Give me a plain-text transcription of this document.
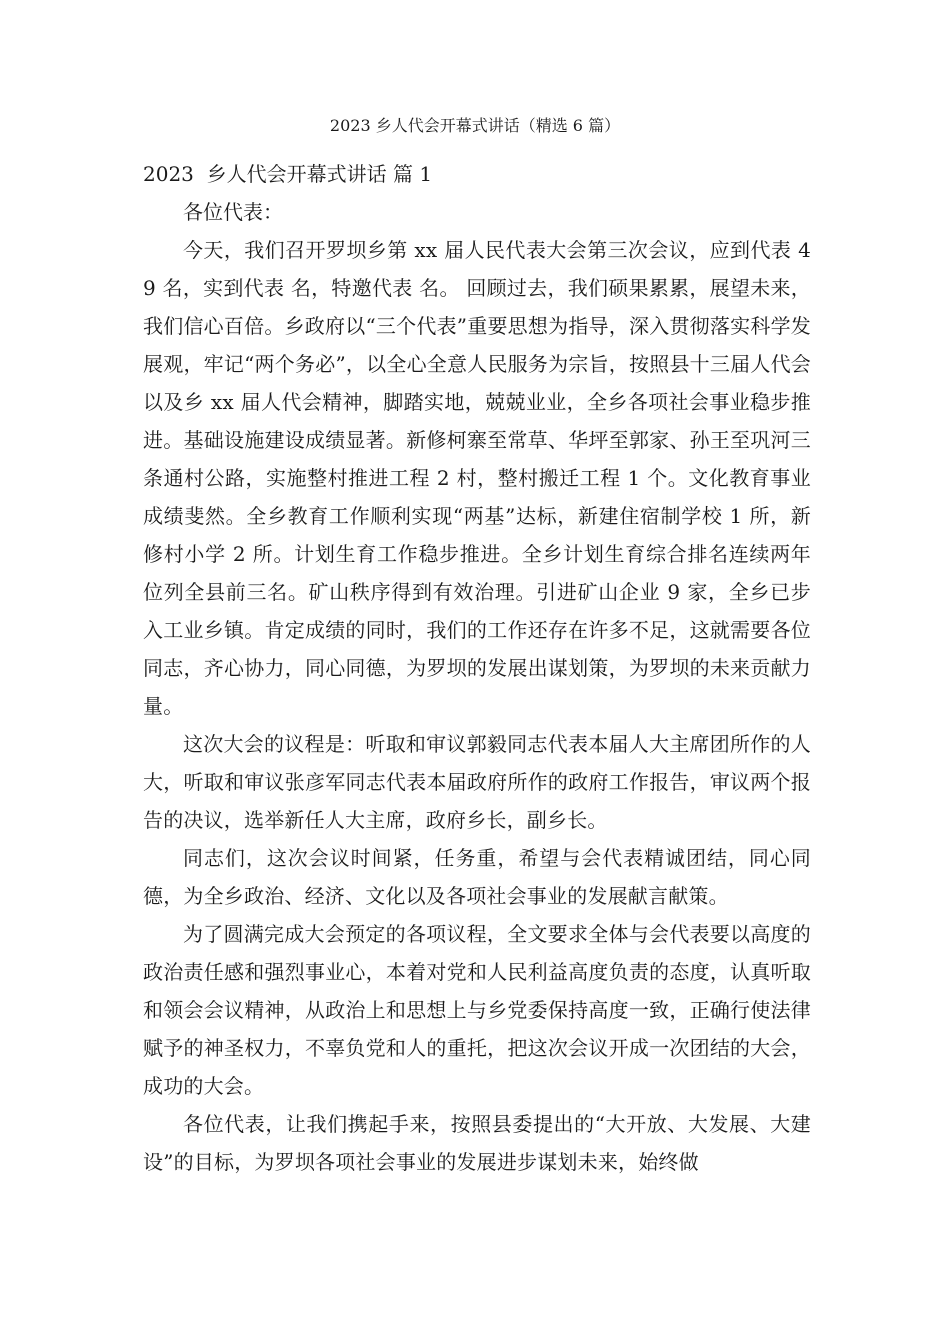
2023 乡人代会开幕式讲话（精选 6 篇）
2023  乡人代会开幕式讲话 篇 1

各位代表：

今天，我们召开罗坝乡第 xx 届人民代表大会第三次会议，应到代表 49 名，实到代表 名，特邀代表 名。 回顾过去，我们硕果累累，展望未来，我们信心百倍。乡政府以“三个代表”重要思想为指导，深入贯彻落实科学发展观，牢记“两个务必”，以全心全意人民服务为宗旨，按照县十三届人代会以及乡 xx 届人代会精神，脚踏实地，兢兢业业，全乡各项社会事业稳步推进。基础设施建设成绩显著。新修柯寨至常草、华坪至郭家、孙王至巩河三条通村公路，实施整村推进工程 2 村，整村搬迁工程 1 个。文化教育事业成绩斐然。全乡教育工作顺利实现“两基”达标，新建住宿制学校 1 所，新修村小学 2 所。计划生育工作稳步推进。全乡计划生育综合排名连续两年位列全县前三名。矿山秩序得到有效治理。引进矿山企业 9 家，全乡已步入工业乡镇。肯定成绩的同时，我们的工作还存在许多不足，这就需要各位同志，齐心协力，同心同德，为罗坝的发展出谋划策，为罗坝的未来贡献力量。

这次大会的议程是：听取和审议郭毅同志代表本届人大主席团所作的人大，听取和审议张彦军同志代表本届政府所作的政府工作报告，审议两个报告的决议，选举新任人大主席，政府乡长，副乡长。

同志们，这次会议时间紧，任务重，希望与会代表精诚团结，同心同德，为全乡政治、经济、文化以及各项社会事业的发展献言献策。

为了圆满完成大会预定的各项议程，全文要求全体与会代表要以高度的政治责任感和强烈事业心，本着对党和人民利益高度负责的态度，认真听取和领会会议精神，从政治上和思想上与乡党委保持高度一致，正确行使法律赋予的神圣权力，不辜负党和人的重托，把这次会议开成一次团结的大会，成功的大会。

各位代表，让我们携起手来，按照县委提出的“大开放、大发展、大建设”的目标，为罗坝各项社会事业的发展进步谋划未来，始终做
